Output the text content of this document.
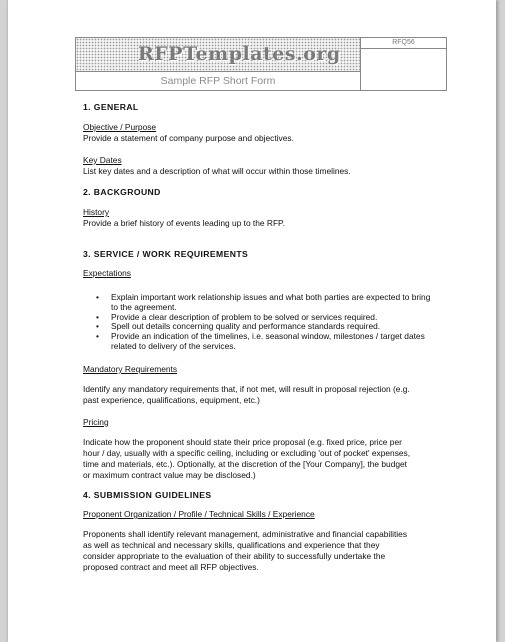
RFPTemplates.org
RFQ56
Sample RFP Short Form
1. GENERAL
Objective / Purpose
Provide a statement of company purpose and objectives.
Key Dates
List key dates and a description of what will occur within those timelines.
2. BACKGROUND
History
Provide a brief history of events leading up to the RFP.
3. SERVICE / WORK REQUIREMENTS
Expectations
• Explain important work relationship issues and what both parties are expected to bring to the agreement.
• Provide a clear description of problem to be solved or services required.
• Spell out details concerning quality and performance standards required.
• Provide an indication of the timelines, i.e. seasonal window, milestones / target dates related to delivery of the services.
Mandatory Requirements
Identify any mandatory requirements that, if not met, will result in proposal rejection (e.g.
past experience, qualifications, equipment, etc.)
Pricing
Indicate how the proponent should state their price proposal (e.g. fixed price, price per
hour / day, usually with a specific ceiling, including or excluding 'out of pocket' expenses,
time and materials, etc.). Optionally, at the discretion of the [Your Company], the budget
or maximum contract value may be disclosed.)
4. SUBMISSION GUIDELINES
Proponent Organization / Profile / Technical Skills / Experience
Proponents shall identify relevant management, administrative and financial capabilities
as well as technical and necessary skills, qualifications and experience that they
consider appropriate to the evaluation of their ability to successfully undertake the
proposed contract and meet all RFP objectives.
